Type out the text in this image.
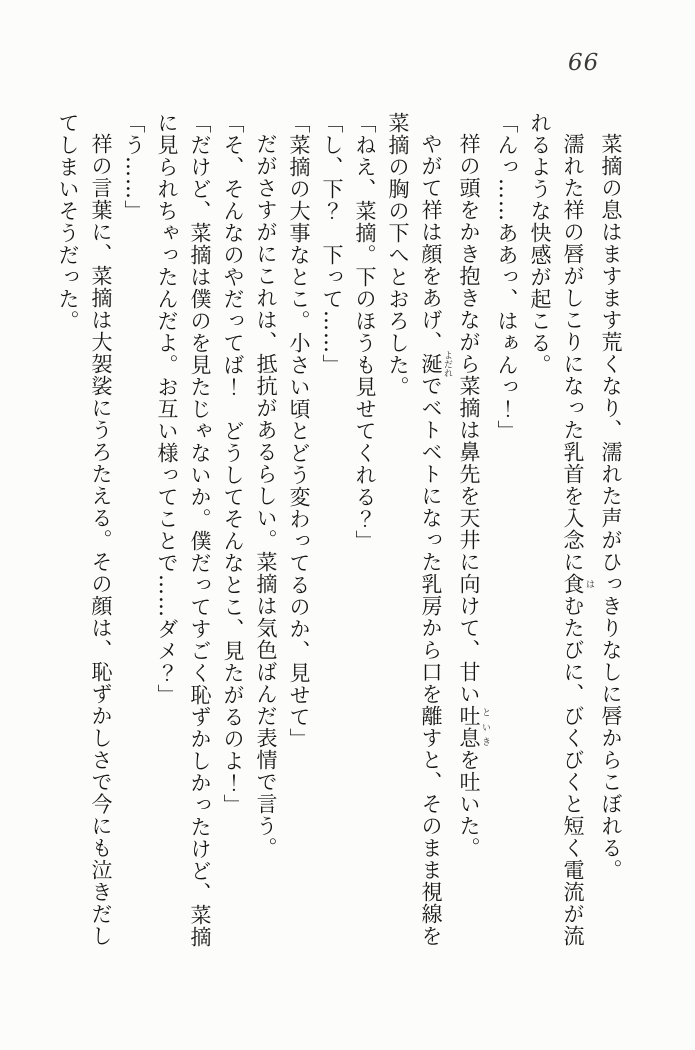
66

菜摘の息はますます荒くなり、濡れた声がひっきりなしに唇からこぼれる。

濡れた祥の唇がしこりになった乳首を入念に食 はむたびに、びくびくと短く電流が流れるような快感が起こる。

「んっ……ああっ、はぁんっ！」

祥の頭をかき抱きながら菜摘は鼻先を天井に向けて、甘い吐息 といきを吐いた。

やがて祥は顔をあげ、涎 よだれでベトベトになった乳房から口を離すと、そのまま視線を菜摘の胸の下へとおろした。

「ねえ、菜摘。下のほうも見せてくれる？」

「し、下？　下って……」

「菜摘の大事なとこ。小さい頃とどう変わってるのか、見せて」

だがさすがにこれは、抵抗があるらしい。菜摘は気色ばんだ表情で言う。

「そ、そんなのやだってば！　どうしてそんなとこ、見たがるのよ！」

「だけど、菜摘は僕のを見たじゃないか。僕だってすごく恥ずかしかったけど、菜摘に見られちゃったんだよ。お互い様ってことで……ダメ？」

「う……」

祥の言葉に、菜摘は大袈裟にうろたえる。その顔は、恥ずかしさで今にも泣きだしてしまいそうだった。
